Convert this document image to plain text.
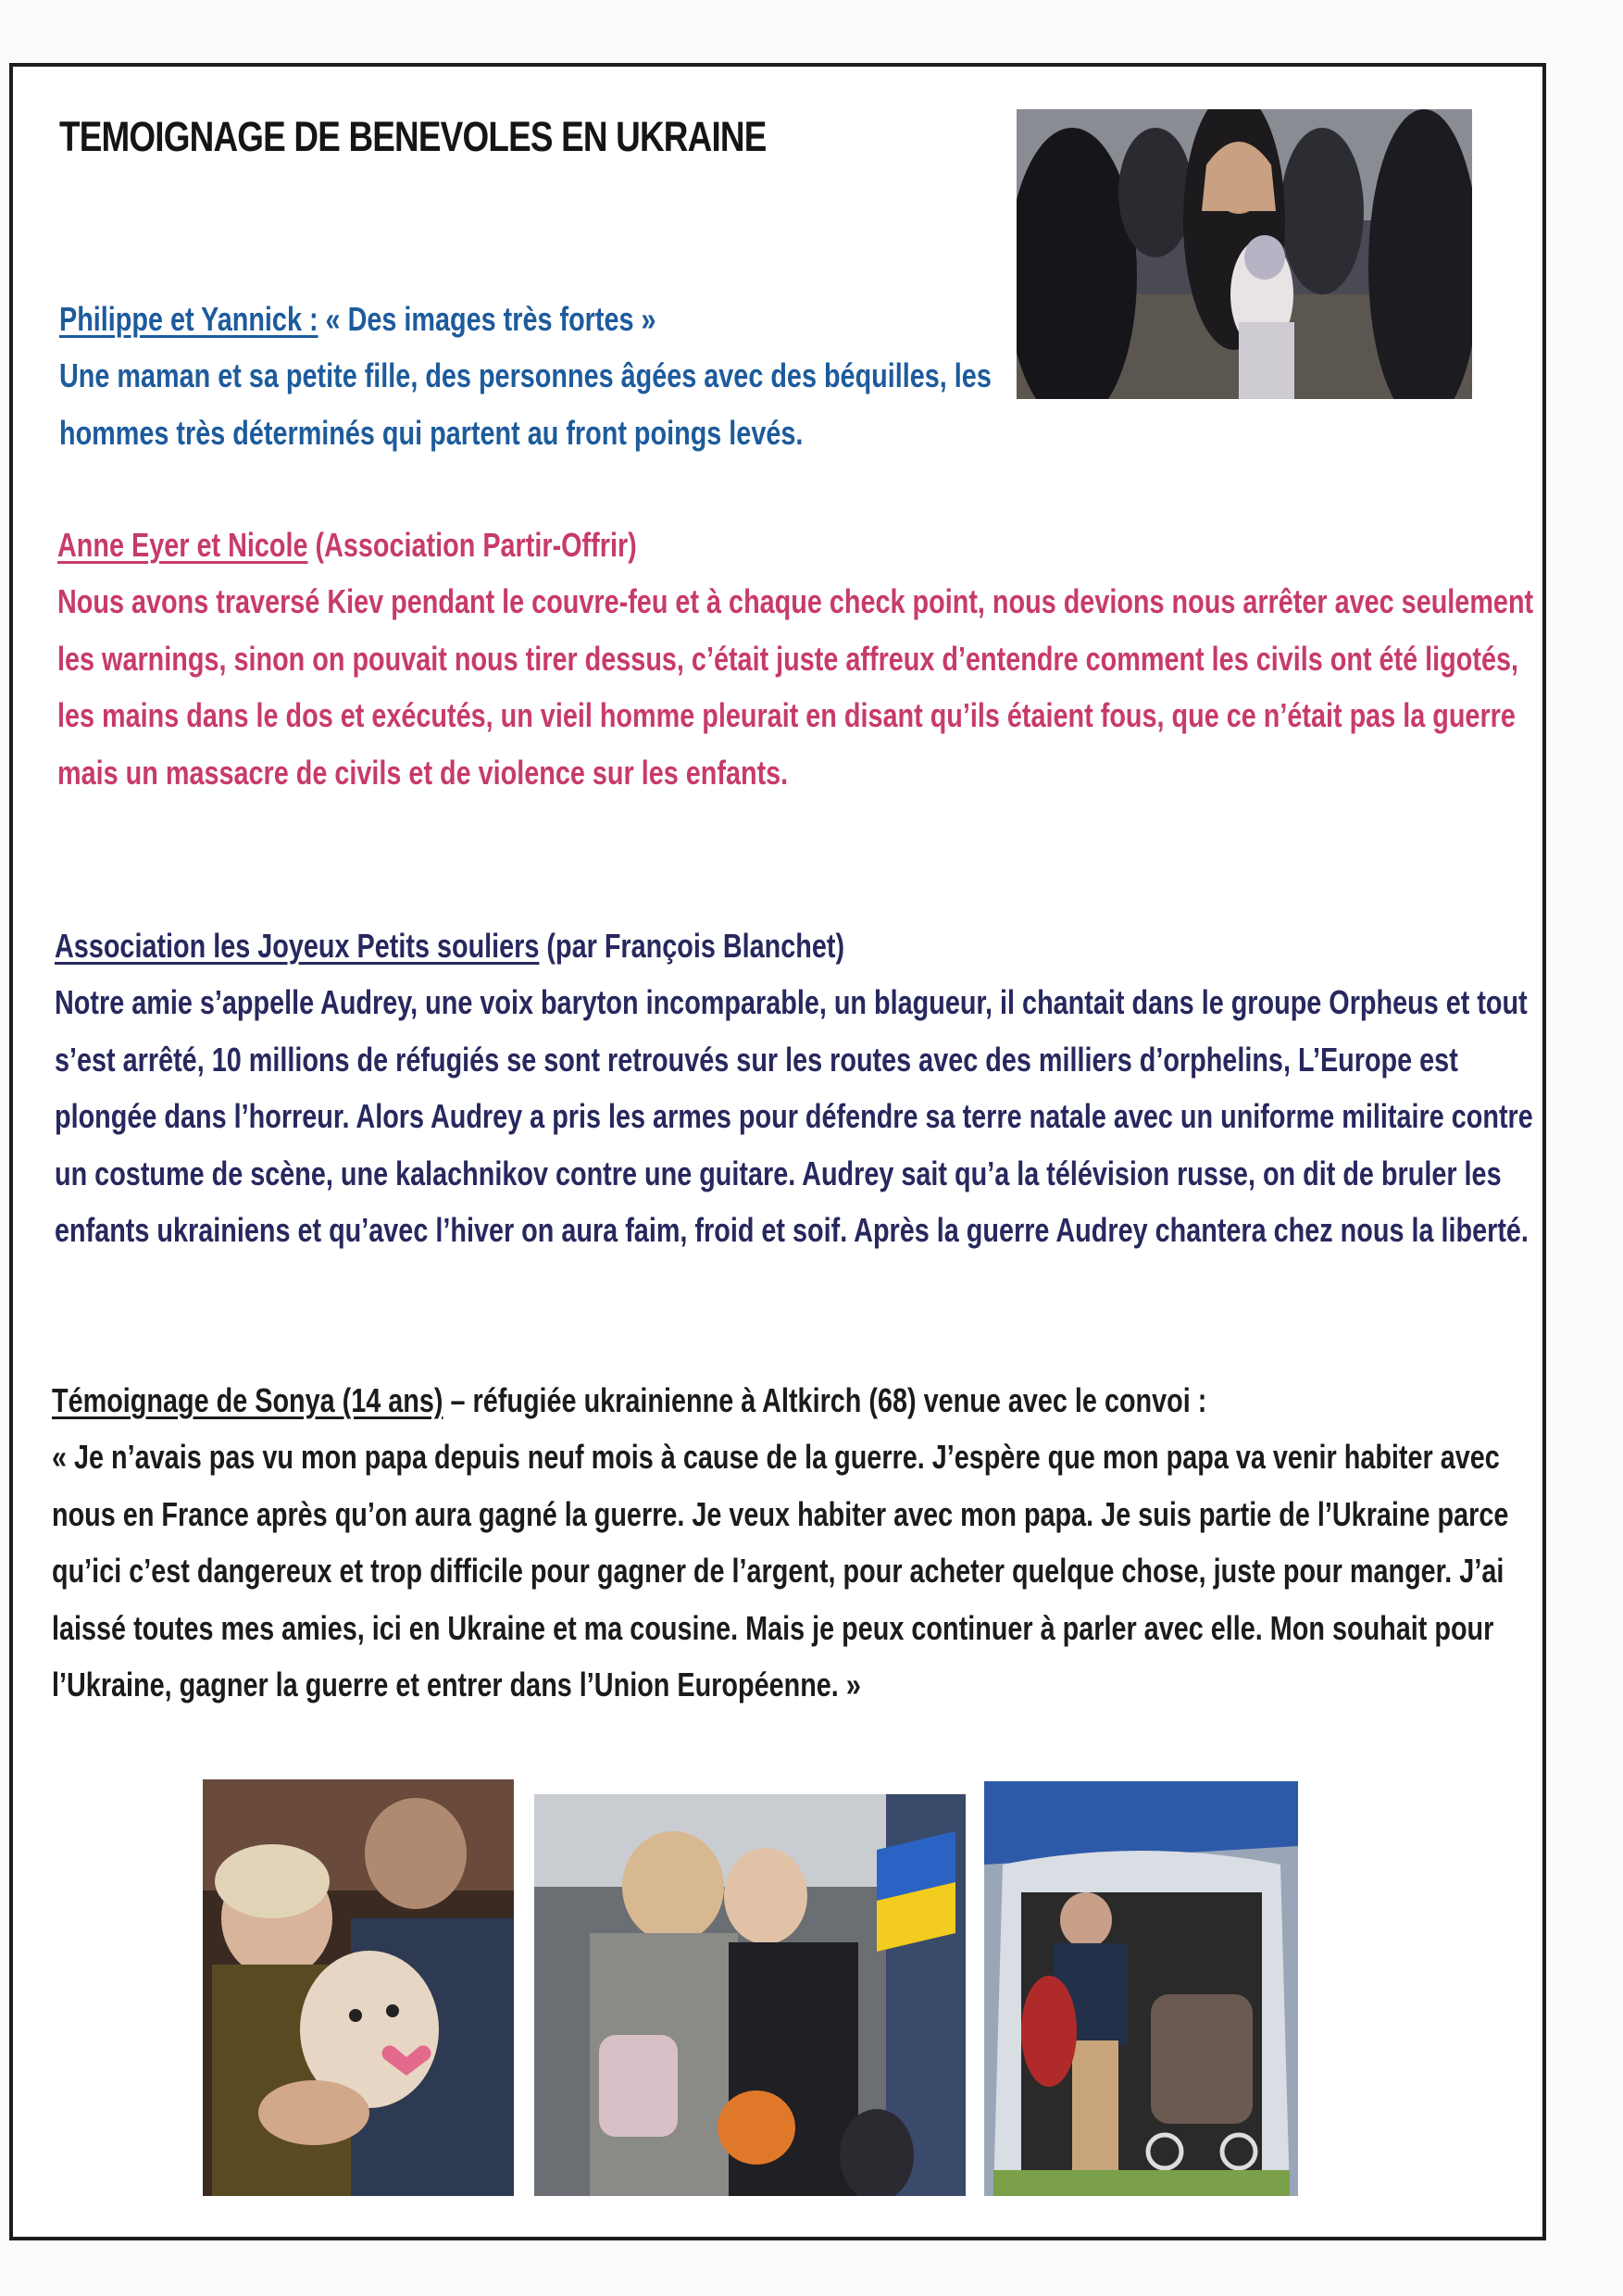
TEMOIGNAGE DE BENEVOLES EN UKRAINE
Philippe et Yannick : « Des images très fortes »

Une maman et sa petite fille, des personnes âgées avec des béquilles, les hommes très déterminés qui partent au front poings levés.

Anne Eyer et Nicole (Association Partir-Offrir)

Nous avons traversé Kiev pendant le couvre-feu et à chaque check point, nous devions nous arrêter avec seulement les warnings, sinon on pouvait nous tirer dessus, c’était juste affreux d’entendre comment les civils ont été ligotés, les mains dans le dos et exécutés, un vieil homme pleurait en disant qu’ils étaient fous, que ce n’était pas la guerre mais un massacre de civils et de violence sur les enfants.

Association les Joyeux Petits souliers (par François Blanchet)

Notre amie s’appelle Audrey, une voix baryton incomparable, un blagueur, il chantait dans le groupe Orpheus et tout s’est arrêté, 10 millions de réfugiés se sont retrouvés sur les routes avec des milliers d’orphelins, L’Europe est plongée dans l’horreur. Alors Audrey a pris les armes pour défendre sa terre natale avec un uniforme militaire contre un costume de scène, une kalachnikov contre une guitare. Audrey sait qu’a la télévision russe, on dit de bruler les enfants ukrainiens et qu’avec l’hiver on aura faim, froid et soif. Après la guerre Audrey chantera chez nous la liberté.

Témoignage de Sonya (14 ans) – réfugiée ukrainienne à Altkirch (68) venue avec le convoi :

« Je n’avais pas vu mon papa depuis neuf mois à cause de la guerre. J’espère que mon papa va venir habiter avec nous en France après qu’on aura gagné la guerre. Je veux habiter avec mon papa. Je suis partie de l’Ukraine parce qu’ici c’est dangereux et trop difficile pour gagner de l’argent, pour acheter quelque chose, juste pour manger. J’ai laissé toutes mes amies, ici en Ukraine et ma cousine. Mais je peux continuer à parler avec elle. Mon souhait pour l’Ukraine, gagner la guerre et entrer dans l’Union Européenne. »
